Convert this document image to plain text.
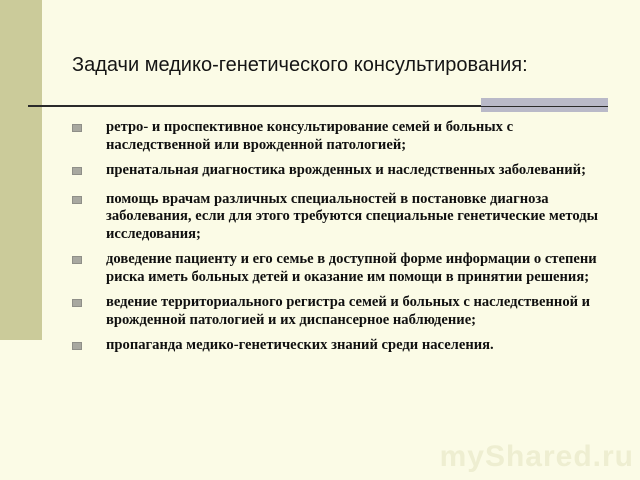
Задачи медико-генетического консультирования:
ретро- и проспективное консультирование семей и больных с наследственной или врожденной патологией;
пренатальная диагностика врожденных и наследственных заболеваний;
помощь врачам различных специальностей в постановке диагноза заболевания, если для этого требуются специальные генетические методы исследования;
доведение пациенту и его семье в доступной форме информации о степени риска иметь больных детей и оказание им помощи в принятии решения;
ведение территориального регистра семей и больных с наследственной и врожденной патологией и их диспансерное наблюдение;
пропаганда медико-генетических знаний среди населения.
myShared.ru
